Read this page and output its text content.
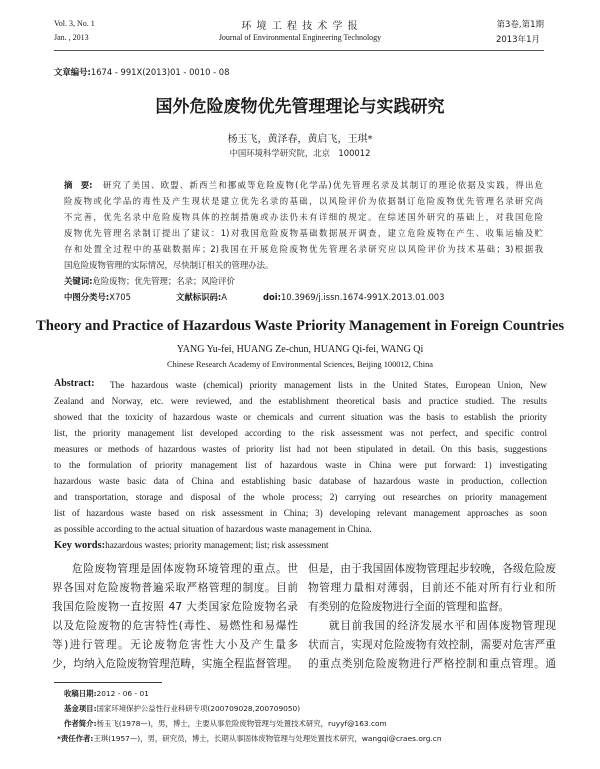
Vol. 3, No. 1
Jan. , 2013
环 境 工 程 技 术 学 报
Journal of Environmental Engineering Technology
第3卷,第1期
2013年1月
文章编号:1674 - 991X(2013)01 - 0010 - 08
国外危险废物优先管理理论与实践研究
杨玉飞，黄泽春，黄启飞，王琪*
中国环境科学研究院，北京　100012
摘　要: 研究了美国、欧盟、新西兰和挪威等危险废物(化学品)优先管理名录及其制订的理论依据及实践，得出危
险废物或化学品的毒性及产生现状是建立优先名录的基础，以风险评价为依据制订危险废物优先管理名录研究尚
不完善，优先名录中危险废物具体的控制措施或办法仍未有详细的规定。在综述国外研究的基础上，对我国危险
废物优先管理名录制订提出了建议：1)对我国危险废物基础数据展开调查，建立危险废物在产生、收集运输及贮
存和处置全过程中的基础数据库；2)我国在开展危险废物优先管理名录研究应以风险评价为技术基础；3)根据我
国危险废物管理的实际情况，尽快制订相关的管理办法。
关键词:危险废物；优先管理；名录；风险评价
中图分类号:X705	文献标识码:A	doi:10.3969/j.issn.1674-991X.2013.01.003
Theory and Practice of Hazardous Waste Priority Management in Foreign Countries
YANG Yu-fei, HUANG Ze-chun, HUANG Qi-fei, WANG Qi
Chinese Research Academy of Environmental Sciences, Beijing 100012, China
Abstract: The hazardous waste (chemical) priority management lists in the United States, European Union, New
Zealand and Norway, etc. were reviewed, and the establishment theoretical basis and practice studied. The results
showed that the toxicity of hazardous waste or chemicals and current situation was the basis to establish the priority
list, the priority management list developed according to the risk assessment was not perfect, and specific control
measures or methods of hazardous wastes of priority list had not been stipulated in detail. On this basis, suggestions
to the formulation of priority management list of hazardous waste in China were put forward: 1) investigating
hazardous waste basic data of China and establishing basic database of hazardous waste in production, collection
and transportation, storage and disposal of the whole process; 2) carrying out researches on priority management
list of hazardous waste based on risk assessment in China; 3) developing relevant management approaches as soon
as possible according to the actual situation of hazardous waste management in China.
Key words:hazardous wastes; priority management; list; risk assessment
危险废物管理是固体废物环境管理的重点。世
界各国对危险废物普遍采取严格管理的制度。目前
我国危险废物一直按照 47 大类国家危险废物名录
以及危险废物的危害特性(毒性、易燃性和易爆性
等)进行管理。无论废物危害性大小及产生量多
少，均纳入危险废物管理范畴，实施全程监督管理。
但是，由于我国固体废物管理起步较晚，各级危险废
物管理力量相对薄弱，目前还不能对所有行业和所
有类别的危险废物进行全面的管理和监督。
就目前我国的经济发展水平和固体废物管理现
状而言，实现对危险废物有效控制，需要对危害严重
的重点类别危险废物进行严格控制和重点管理。通
收稿日期:2012 - 06 - 01
基金项目:国家环境保护公益性行业科研专项(200709028,200709050)
作者简介:杨玉飞(1978—)，男，博士，主要从事危险废物管理与处置技术研究，ruyyf@163.com
*责任作者:王琪(1957—)，男，研究员，博士，长期从事固体废物管理与处理处置技术研究，wangqi@craes.org.cn
